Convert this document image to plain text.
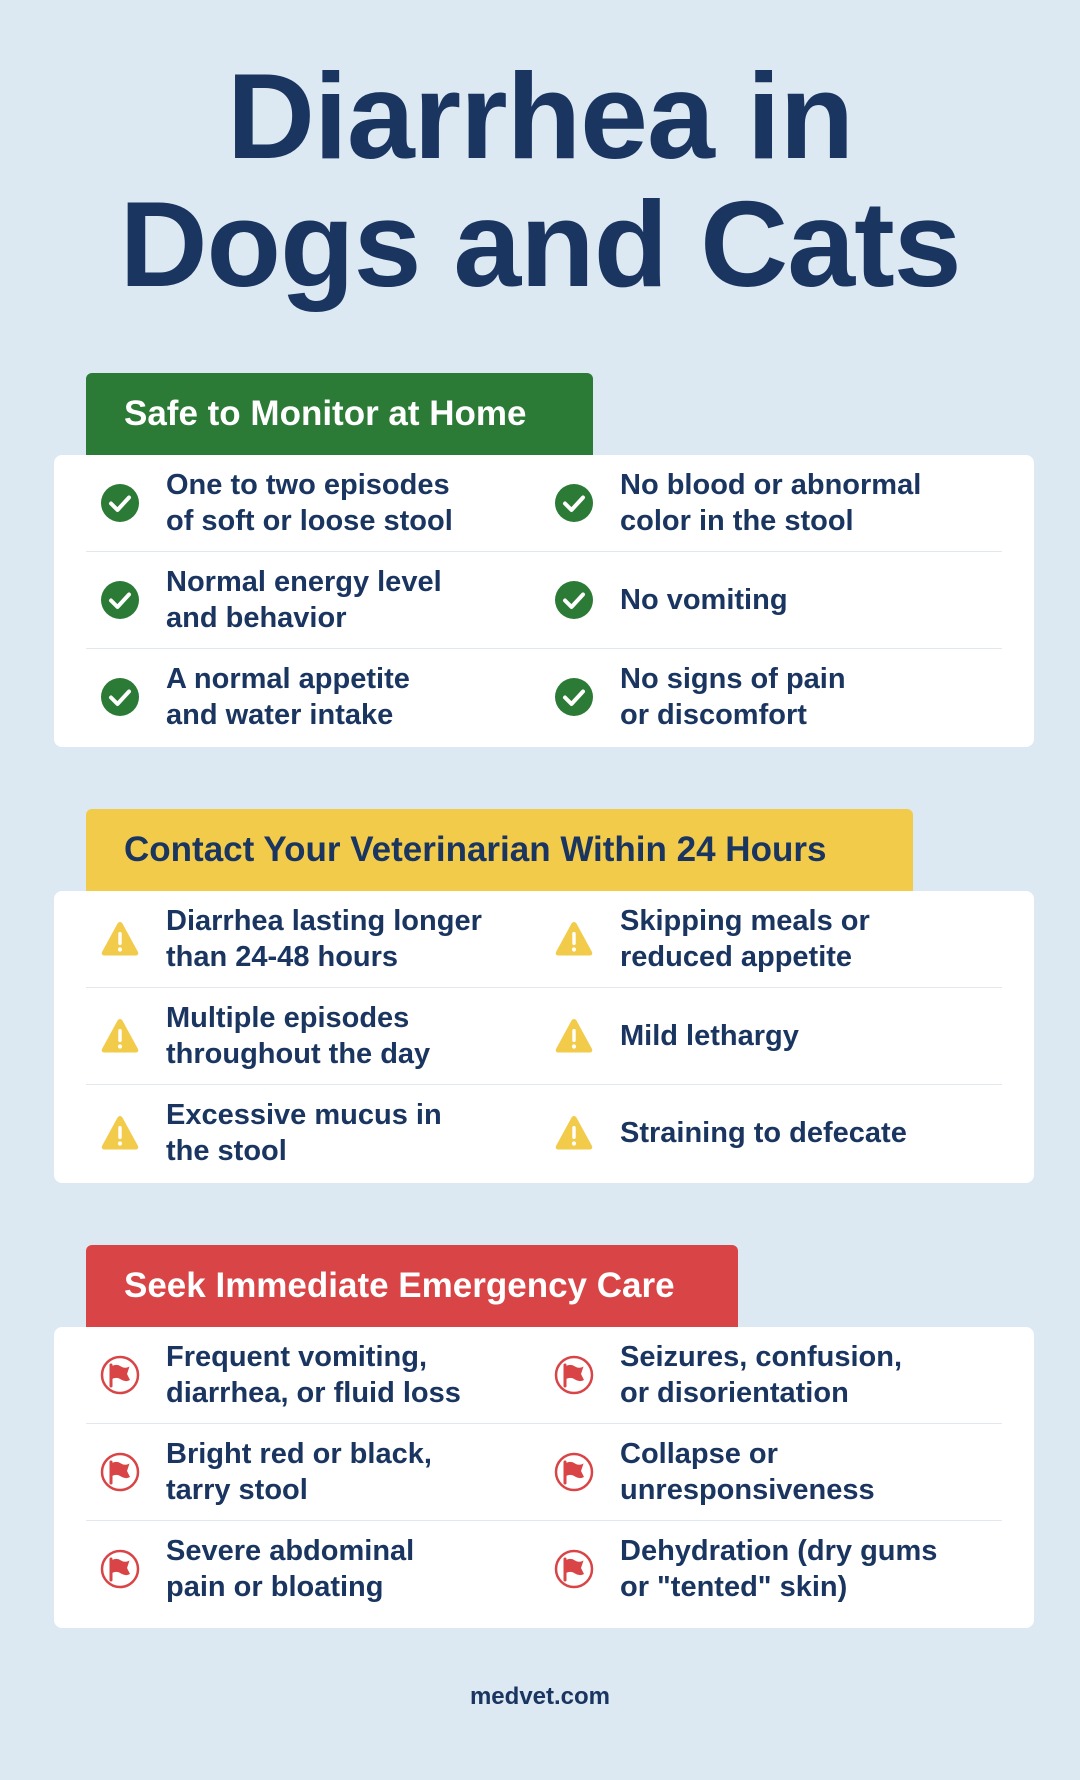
Diarrhea in
Dogs and Cats
Safe to Monitor at Home
One to two episodes
of soft or loose stool
No blood or abnormal
color in the stool
Normal energy level
and behavior
No vomiting
A normal appetite
and water intake
No signs of pain
or discomfort
Contact Your Veterinarian Within 24 Hours
Diarrhea lasting longer
than 24-48 hours
Skipping meals or
reduced appetite
Multiple episodes
throughout the day
Mild lethargy
Excessive mucus in
the stool
Straining to defecate
Seek Immediate Emergency Care
Frequent vomiting,
diarrhea, or fluid loss
Seizures, confusion,
or disorientation
Bright red or black,
tarry stool
Collapse or
unresponsiveness
Severe abdominal
pain or bloating
Dehydration (dry gums
or "tented" skin)
medvet.com
